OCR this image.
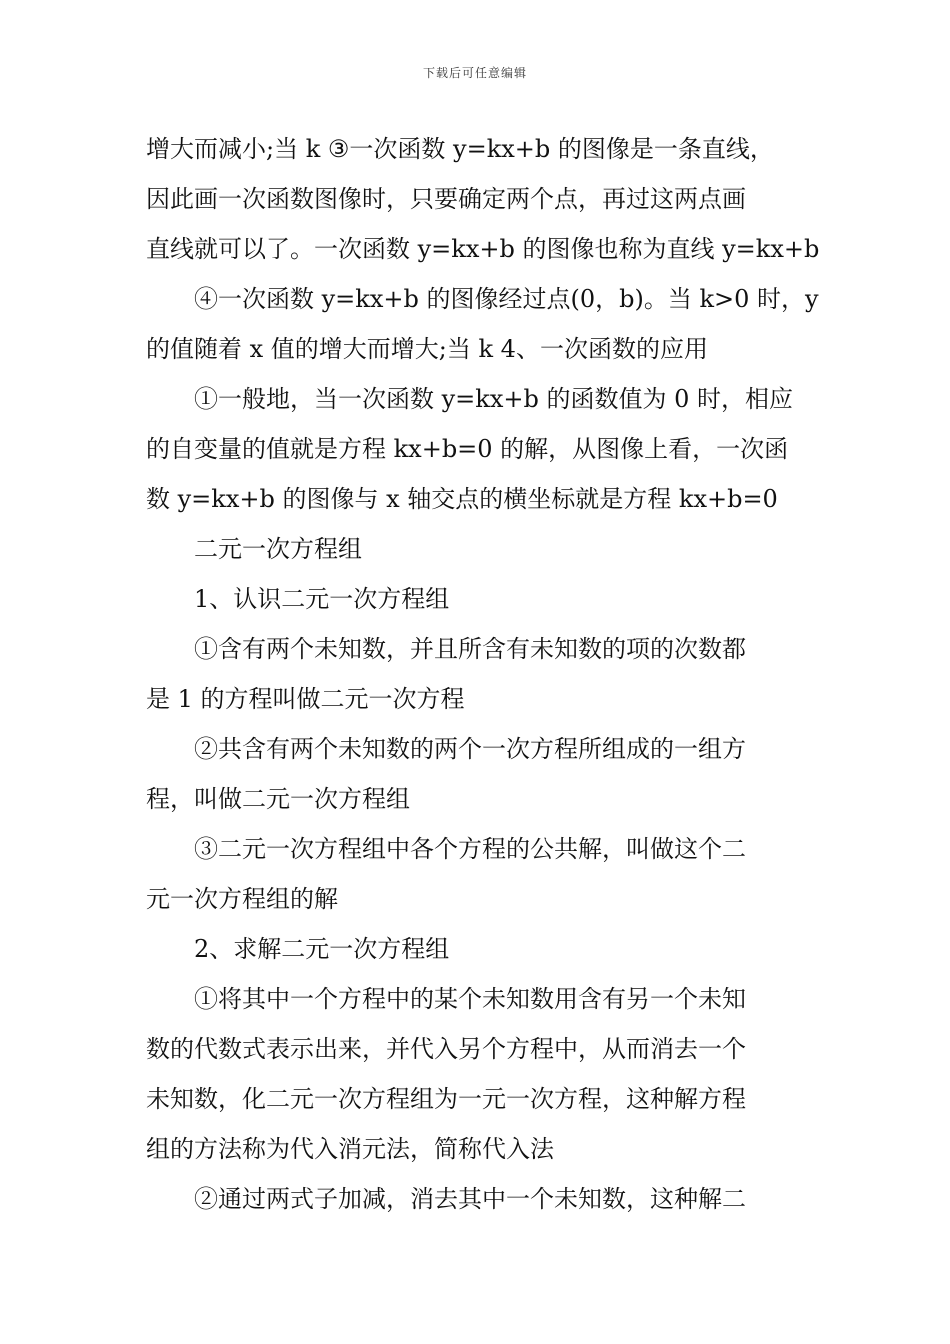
下载后可任意编辑

增大而减小;当 k ③一次函数 y=kx+b 的图像是一条直线，

因此画一次函数图像时，只要确定两个点，再过这两点画

直线就可以了。一次函数 y=kx+b 的图像也称为直线 y=kx+b

④一次函数 y=kx+b 的图像经过点(0，b)。当 k>0 时，y

的值随着 x 值的增大而增大;当 k 4、一次函数的应用

①一般地，当一次函数 y=kx+b 的函数值为 0 时，相应

的自变量的值就是方程 kx+b=0 的解，从图像上看，一次函

数 y=kx+b 的图像与 x 轴交点的横坐标就是方程 kx+b=0

二元一次方程组

1、认识二元一次方程组

①含有两个未知数，并且所含有未知数的项的次数都

是 1 的方程叫做二元一次方程

②共含有两个未知数的两个一次方程所组成的一组方

程，叫做二元一次方程组

③二元一次方程组中各个方程的公共解，叫做这个二

元一次方程组的解

2、求解二元一次方程组

①将其中一个方程中的某个未知数用含有另一个未知

数的代数式表示出来，并代入另个方程中，从而消去一个

未知数，化二元一次方程组为一元一次方程，这种解方程

组的方法称为代入消元法，简称代入法

②通过两式子加减，消去其中一个未知数，这种解二
